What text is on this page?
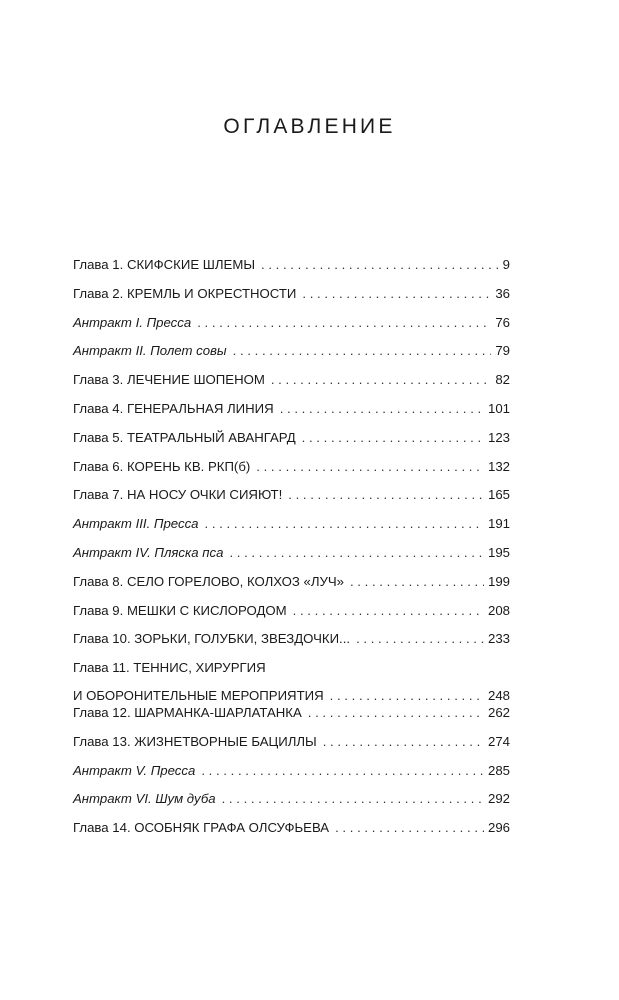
ОГЛАВЛЕНИЕ
Глава 1. СКИФСКИЕ ШЛЕМЫ . . .	9
Глава 2. КРЕМЛЬ И ОКРЕСТНОСТИ . . .	36
Антракт I. Пресса . . .	76
Антракт II. Полет совы . . .	79
Глава 3. ЛЕЧЕНИЕ ШОПЕНОМ . . .	82
Глава 4. ГЕНЕРАЛЬНАЯ ЛИНИЯ . . .	101
Глава 5. ТЕАТРАЛЬНЫЙ АВАНГАРД . . .	123
Глава 6. КОРЕНЬ КВ. РКП(б) . . .	132
Глава 7. НА НОСУ ОЧКИ СИЯЮТ! . . .	165
Антракт III. Пресса . . .	191
Антракт IV. Пляска пса . . .	195
Глава 8. СЕЛО ГОРЕЛОВО, КОЛХОЗ «ЛУЧ» . . .	199
Глава 9. МЕШКИ С КИСЛОРОДОМ . . .	208
Глава 10. ЗОРЬКИ, ГОЛУБКИ, ЗВЕЗДОЧКИ... . . .	233
Глава 11. ТЕННИС, ХИРУРГИЯ
И ОБОРОНИТЕЛЬНЫЕ МЕРОПРИЯТИЯ . . .	248
Глава 12. ШАРМАНКА-ШАРЛАТАНКА . . .	262
Глава 13. ЖИЗНЕТВОРНЫЕ БАЦИЛЛЫ . . .	274
Антракт V. Пресса . . .	285
Антракт VI. Шум дуба . . .	292
Глава 14. ОСОБНЯК ГРАФА ОЛСУФЬЕВА . . .	296
